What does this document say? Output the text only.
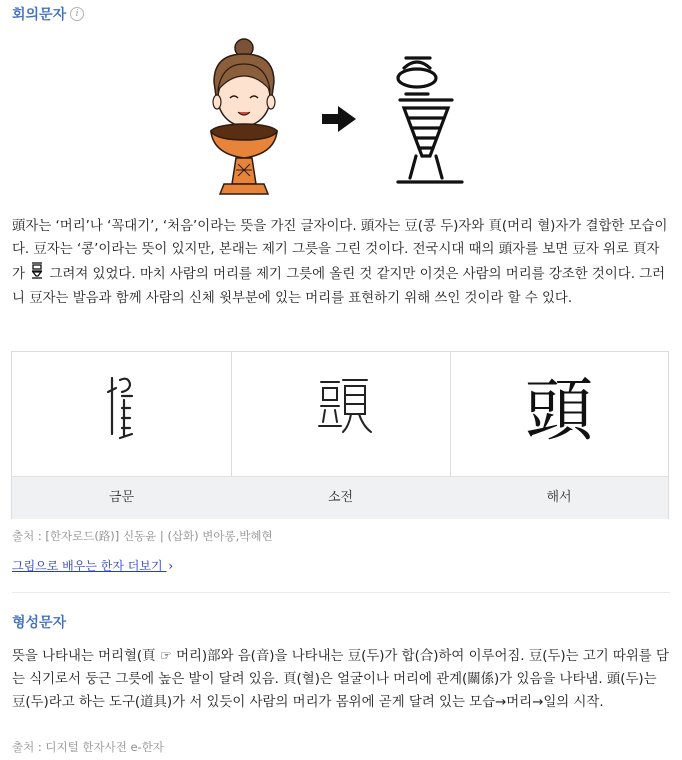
회의문자	i

頭자는 ‘머리’나 ‘꼭대기’, ‘처음’이라는 뜻을 가진 글자이다. 頭자는 豆(콩 두)자와 頁(머리 혈)자가 결합한 모습이다. 豆자는 ‘콩’이라는 뜻이 있지만, 본래는 제기 그릇을 그린 것이다. 전국시대 때의 頭자를 보면 豆자 위로 頁자가  그려져 있었다. 마치 사람의 머리를 제기 그릇에 올린 것 같지만 이것은 사람의 머리를 강조한 것이다. 그러니 豆자는 발음과 함께 사람의 신체 윗부분에 있는 머리를 표현하기 위해 쓰인 것이라 할 수 있다.

금문	소전
頭
해서
출처 : [한자로드(路)] 신동윤 | (삽화) 변아롱,박혜현
그림으로 배우는 한자 더보기 ›
형성문자

뜻을 나타내는 머리혈(頁 ☞ 머리)部와 음(音)을 나타내는 豆(두)가 합(合)하여 이루어짐. 豆(두)는 고기 따위를 담는 식기로서 둥근 그릇에 높은 발이 달려 있음. 頁(혈)은 얼굴이나 머리에 관계(關係)가 있음을 나타냄. 頭(두)는 豆(두)라고 하는 도구(道具)가 서 있듯이 사람의 머리가 몸위에 곧게 달려 있는 모습→머리→일의 시작.

출처 : 디지털 한자사전 e-한자
